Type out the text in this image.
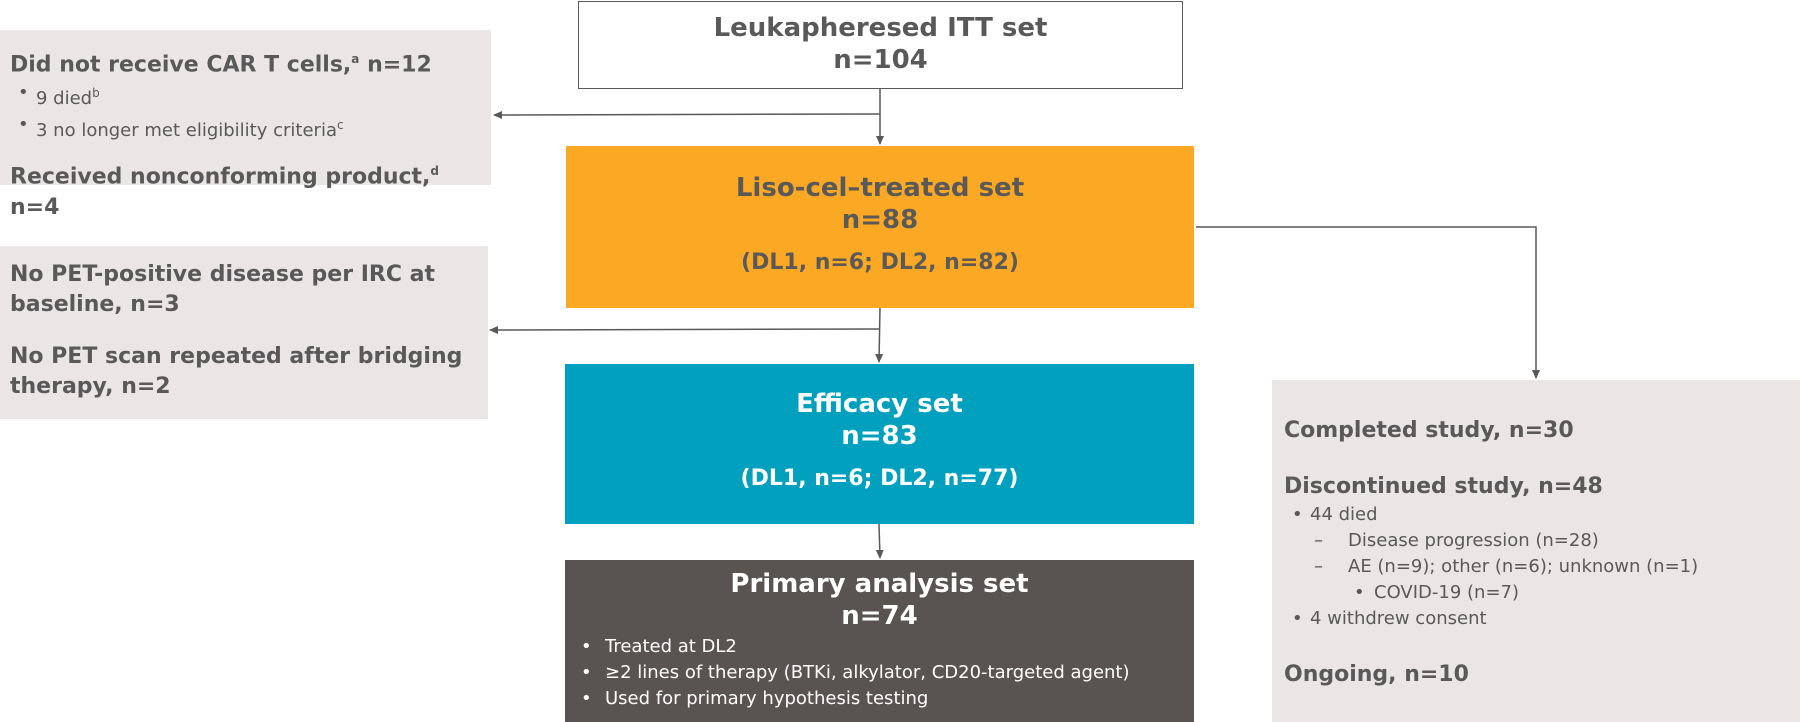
Leukapheresed ITT set
n=104
Did not receive CAR T cells,$^a$ n=12
• 9 died$^b$
• 3 no longer met eligibility criteria$^c$
Received nonconforming product,$^d$ n=4
Liso-cel–treated set
n=88
(DL1, n=6; DL2, n=82)
No PET-positive disease per IRC at baseline, n=3
No PET scan repeated after bridging therapy, n=2
Efficacy set
n=83
(DL1, n=6; DL2, n=77)
Primary analysis set
n=74
• Treated at DL2
• ≥2 lines of therapy (BTKi, alkylator, CD20-targeted agent)
• Used for primary hypothesis testing
Completed study, n=30
Discontinued study, n=48
• 44 died
– Disease progression (n=28)
– AE (n=9); other (n=6); unknown (n=1)
• COVID-19 (n=7)
• 4 withdrew consent
Ongoing, n=10
